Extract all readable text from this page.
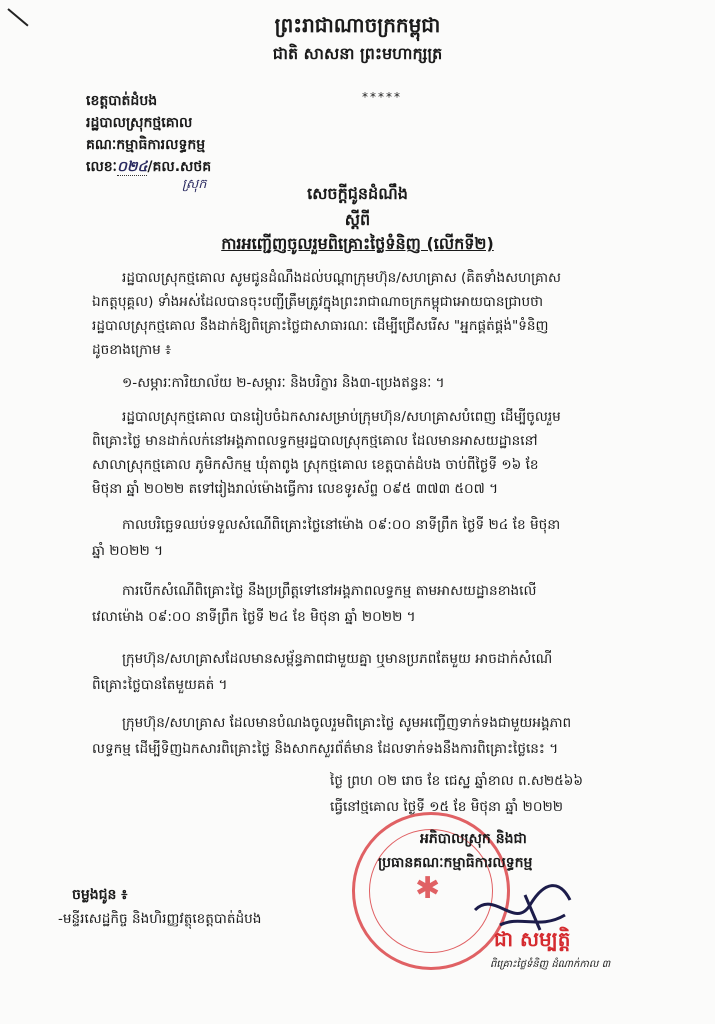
ព្រះរាជាណាចក្រកម្ពុជា
ជាតិ សាសនា ព្រះមហាក្សត្រ
*****
ខេត្តបាត់ដំបង
រដ្ឋបាលស្រុកថ្មគោល
គណៈកម្មាធិការលទ្ធកម្ម
លេខៈ០២៤/គល.សថគ
ស្រុក	សេចក្តីជូនដំណឹង
ស្តីពី
ការអញ្ជើញចូលរួមពិគ្រោះថ្លៃទំនិញ (លើកទី២)
រដ្ឋបាលស្រុកថ្មគោល សូមជូនដំណឹងដល់បណ្តាក្រុមហ៊ុន/សហគ្រាស (គិតទាំងសហគ្រាស
ឯកត្តបុគ្គល) ទាំងអស់ដែលបានចុះបញ្ជីត្រឹមត្រូវក្នុងព្រះរាជាណាចក្រកម្ពុជាអោយបានជ្រាបថា
រដ្ឋបាលស្រុកថ្មគោល នឹងដាក់ឱ្យពិគ្រោះថ្លៃជាសាធារណៈ ដើម្បីជ្រើសរើស "អ្នកផ្គត់ផ្គង់"ទំនិញ
ដូចខាងក្រោម ៖
១-សម្ភារៈការិយាល័យ ២-សម្ភារៈ និងបរិក្ខារ និង៣-ប្រេងឥន្ធនៈ ។
រដ្ឋបាលស្រុកថ្មគោល បានរៀបចំឯកសារសម្រាប់ក្រុមហ៊ុន/សហគ្រាសបំពេញ ដើម្បីចូលរួម
ពិគ្រោះថ្លៃ មានដាក់លក់នៅអង្គភាពលទ្ធកម្មរដ្ឋបាលស្រុកថ្មគោល ដែលមានអាសយដ្ឋាននៅ
សាលាស្រុកថ្មគោល ភូមិកសិកម្ម ឃុំតាពូង ស្រុកថ្មគោល ខេត្តបាត់ដំបង ចាប់ពីថ្ងៃទី ១៦ ខែ
មិថុនា ឆ្នាំ ២០២២ តទៅរៀងរាល់ម៉ោងធ្វើការ លេខទូរស័ព្ទ ០៩៥ ៣៧៣ ៥០៧ ។
កាលបរិច្ឆេទឈប់ទទួលសំណើពិគ្រោះថ្លៃនៅម៉ោង ០៩:០០ នាទីព្រឹក ថ្ងៃទី ២៤ ខែ មិថុនា
ឆ្នាំ ២០២២ ។
ការបើកសំណើពិគ្រោះថ្លៃ នឹងប្រព្រឹត្តទៅនៅអង្គភាពលទ្ធកម្ម តាមអាសយដ្ឋានខាងលើ
វេលាម៉ោង ០៩:០០ នាទីព្រឹក ថ្ងៃទី ២៤ ខែ មិថុនា ឆ្នាំ ២០២២ ។
ក្រុមហ៊ុន/សហគ្រាសដែលមានសម្ព័ន្ធភាពជាមួយគ្នា ឬមានប្រភពតែមួយ អាចដាក់សំណើ
ពិគ្រោះថ្លៃបានតែមួយគត់ ។
ក្រុមហ៊ុន/សហគ្រាស ដែលមានបំណងចូលរួមពិគ្រោះថ្លៃ សូមអញ្ជើញទាក់ទងជាមួយអង្គភាព
លទ្ធកម្ម ដើម្បីទិញឯកសារពិគ្រោះថ្លៃ និងសាកសួរព័ត៌មាន ដែលទាក់ទងនឹងការពិគ្រោះថ្លៃនេះ ។
ថ្ងៃ ព្រហ ០២ រោច ខែ ជេស្ឋ ឆ្នាំខាល ព.ស២៥៦៦
ធ្វើនៅថ្មគោល ថ្ងៃទី ១៥ ខែ មិថុនា ឆ្នាំ ២០២២
✱
អភិបាលស្រុក និងជា
ប្រធានគណៈកម្មាធិការលទ្ធកម្ម
ជា សម្បត្តិ
ពិគ្រោះថ្លៃទំនិញ ដំណាក់កាល ៣
ចម្លងជូន ៖
-មន្ទីរសេដ្ឋកិច្ច និងហិរញ្ញវត្ថុខេត្តបាត់ដំបង
